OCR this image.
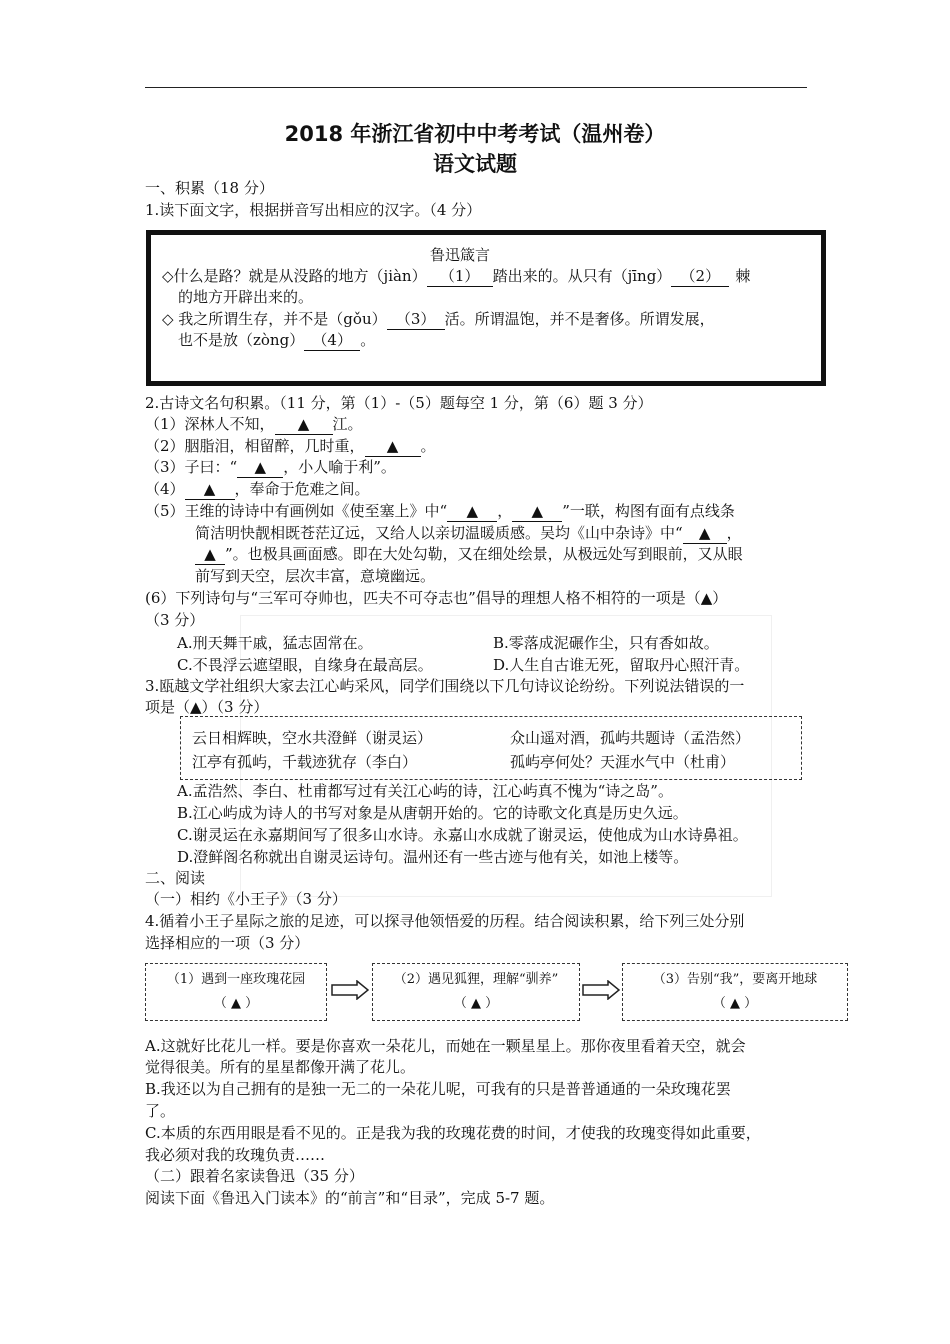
2018 年浙江省初中中考考试（温州卷）
语文试题
一、积累（18 分）
1.读下面文字，根据拼音写出相应的汉字。（4 分）
鲁迅箴言
◇什么是路？就是从没路的地方（jiàn） （1） 踏出来的。从只有（jīng） （2） 棘
的地方开辟出来的。
◇ 我之所谓生存，并不是（gǒu） （3） 活。所谓温饱，并不是奢侈。所谓发展，
也不是放（zòng） （4） 。
2.古诗文名句积累。（11 分，第（1）-（5）题每空 1 分，第（6）题 3 分）
（1）深林人不知， ▲ 江。
（2）胭脂泪，相留醉，几时重， ▲ 。
（3）子曰：“ ▲ ，小人喻于利”。
（4） ▲ ，奉命于危难之间。
（5）王维的诗诗中有画例如《使至塞上》中“ ▲ ， ▲ ”一联，构图有面有点线条
简洁明快靓相既苍茫辽远，又给人以亲切温暖质感。吴均《山中杂诗》中“ ▲ ，
▲ ”。也极具画面感。即在大处勾勒，又在细处绘景，从极远处写到眼前，又从眼
前写到天空，层次丰富，意境幽远。
(6）下列诗句与“三军可夺帅也，匹夫不可夺志也”倡导的理想人格不相符的一项是（▲）
（3 分）
A.刑天舞干戚，猛志固常在。	B.零落成泥碾作尘，只有香如故。
C.不畏浮云遮望眼，自缘身在最高层。	D.人生自古谁无死，留取丹心照汗青。
3.瓯越文学社组织大家去江心屿采风，同学们围绕以下几句诗议论纷纷。下列说法错误的一
项是（▲）（3 分）
云日相辉映，空水共澄鲜（谢灵运）	众山遥对酒，孤屿共题诗（孟浩然）
江亭有孤屿，千载迹犹存（李白）	孤屿亭何处？天涯水气中（杜甫）
A.孟浩然、李白、杜甫都写过有关江心屿的诗，江心屿真不愧为“诗之岛”。
B.江心屿成为诗人的书写对象是从唐朝开始的。它的诗歌文化真是历史久远。
C.谢灵运在永嘉期间写了很多山水诗。永嘉山水成就了谢灵运，使他成为山水诗鼻祖。
D.澄鲜阁名称就出自谢灵运诗句。温州还有一些古迹与他有关，如池上楼等。
二、阅读
（一）相约《小王子》（3 分）
4.循着小王子星际之旅的足迹，可以探寻他领悟爱的历程。结合阅读积累，给下列三处分别
选择相应的一项（3 分）
（1）遇到一座玫瑰花园
（ ▲ ）
（2）遇见狐狸，理解“驯养”
（ ▲ ）
（3）告别“我”，要离开地球
（ ▲ ）
A.这就好比花儿一样。要是你喜欢一朵花儿，而她在一颗星星上。那你夜里看着天空，就会
觉得很美。所有的星星都像开满了花儿。
B.我还以为自己拥有的是独一无二的一朵花儿呢，可我有的只是普普通通的一朵玫瑰花罢
了。
C.本质的东西用眼是看不见的。正是我为我的玫瑰花费的时间，才使我的玫瑰变得如此重要，
我必须对我的玫瑰负责……
（二）跟着名家读鲁迅（35 分）
阅读下面《鲁迅入门读本》的“前言”和“目录”，完成 5-7 题。
